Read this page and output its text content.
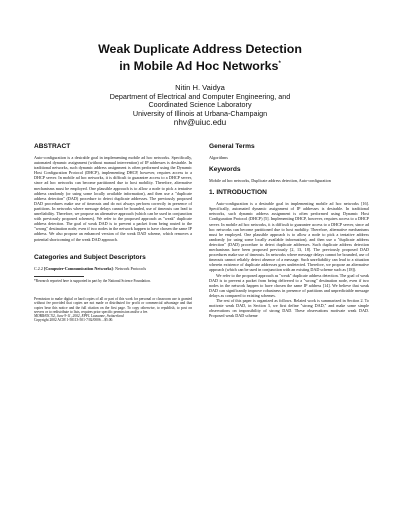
Weak Duplicate Address Detection
in Mobile Ad Hoc Networks*
Nitin H. Vaidya
Department of Electrical and Computer Engineering, and
Coordinated Science Laboratory
University of Illinois at Urbana-Champaign
nhv@uiuc.edu
ABSTRACT

Auto-configuration is a desirable goal in implementing mobile ad hoc networks. Specifically, automated dynamic assignment (without manual intervention) of IP addresses is desirable. In traditional networks, such dynamic address assignment is often performed using the Dynamic Host Configuration Protocol (DHCP), implementing DHCP, however, requires access to a DHCP server. In mobile ad hoc networks, it is difficult to guarantee access to a DHCP server, since ad hoc networks can become partitioned due to host mobility. Therefore, alternative mechanisms must be employed. One plausible approach is to allow a node to pick a tentative address randomly (or using some locally available information), and then use a "duplicate address detection" (DAD) procedure to detect duplicate addresses. The previously proposed DAD procedures make use of timeouts and do not always perform correctly in presence of partitions. In networks where message delays cannot be bounded, use of timeouts can lead to unreliability. Therefore, we propose an alternative approach (which can be used in conjunction with previously proposed schemes). We refer to the proposed approach as "weak" duplicate address detection. The goal of weak DAD is to prevent a packet from being routed to the "wrong" destination node, even if two nodes in the network happen to have chosen the same IP address. We also propose an enhanced version of the weak DAD scheme, which removes a potential shortcoming of the weak DAD approach.

Categories and Subject Descriptors

C.2.2 [Computer-Communication Networks]: Network Protocols

*Research reported here is supported in part by the National Science Foundation.

Permission to make digital or hard copies of all or part of this work for personal or classroom use is granted without fee provided that copies are not made or distributed for profit or commercial advantage and that copies bear this notice and the full citation on the first page. To copy otherwise, to republish, to post on servers or to redistribute to lists, requires prior specific permission and/or a fee.

MOBIHOC'02, June 9-11, 2002, EPFL Lausanne, Switzerland

Copyright 2002 ACM 1-58113-501-7/02/0006 ...$5.00.

General Terms

Algorithms

Keywords

Mobile ad hoc networks, Duplicate address detection, Auto-configuration

1. INTRODUCTION

Auto-configuration is a desirable goal in implementing mobile ad hoc networks [16]. Specifically, automated dynamic assignment of IP addresses is desirable. In traditional networks, such dynamic address assignment is often performed using Dynamic Host Configuration Protocol (DHCP) [5]. Implementing DHCP, however, requires access to a DHCP server. In mobile ad hoc networks, it is difficult to guarantee access to a DHCP server, since ad hoc networks can become partitioned due to host mobility. Therefore, alternative mechanisms must be employed. One plausible approach is to allow a node to pick a tentative address randomly (or using some locally available information), and then use a "duplicate address detection" (DAD) procedure to detect duplicate addresses. Such duplicate address detection mechanisms have been proposed previously [2, 13, 18]. The previously proposed DAD procedures make use of timeouts. In networks where message delays cannot be bounded, use of timeouts cannot reliably detect absence of a message. Such unreliability can lead to a situation wherein existence of duplicate addresses goes undetected. Therefore, we propose an alternative approach (which can be used in conjunction with an existing DAD scheme such as [18]).

We refer to the proposed approach as "weak" duplicate address detection. The goal of weak DAD is to prevent a packet from being delivered to a "wrong" destination node, even if two nodes in the network happen to have chosen the same IP address [14]. We believe that weak DAD can significantly improve robustness in presence of partitions and unpredictable message delays as compared to existing schemes.

The rest of this paper is organized as follows. Related work is summarized in Section 2. To motivate weak DAD, in Section 3, we first define "strong DAD," and make some simple observations on impossibility of strong DAD. These observations motivate weak DAD. Proposed weak DAD scheme
